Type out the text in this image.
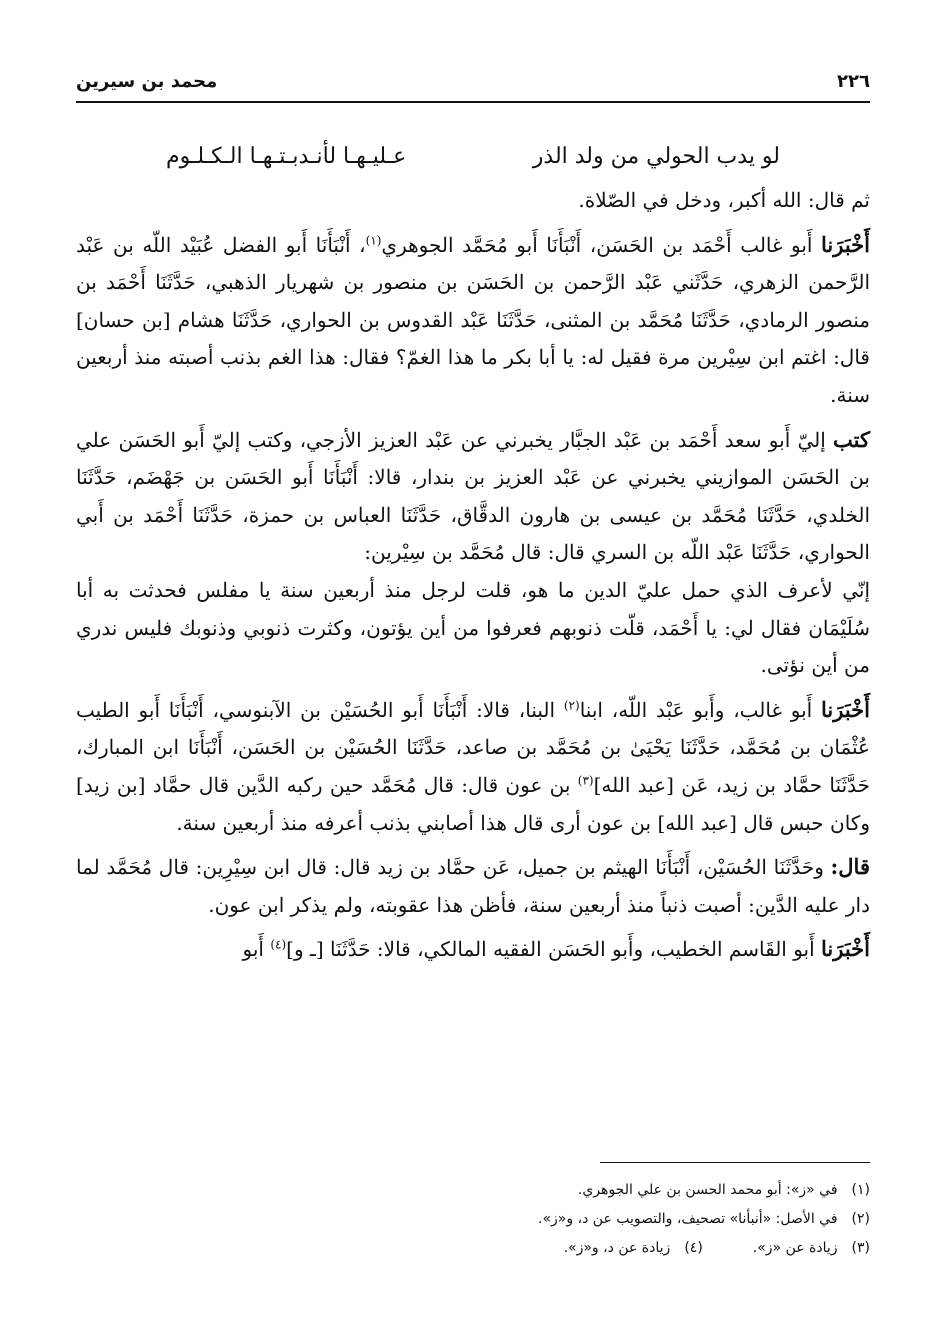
٢٢٦
محمد بن سيرين
لو يدب الحولي من ولد الذر
عـليـهـا لأنـدبـتـهـا الـكـلـوم

ثم قال: الله أكبر، ودخل في الصّلاة.

أَخْبَرَنا أَبو غالب أَحْمَد بن الحَسَن، أَنْبَأَنَا أَبو مُحَمَّد الجوهري$^{(١)}$، أَنْبَأَنَا أَبو الفضل عُبَيْد اللّه بن عَبْد الرَّحمن الزهري، حَدَّثَني عَبْد الرَّحمن بن الحَسَن بن منصور بن شهريار الذهبي، حَدَّثَنَا أَحْمَد بن منصور الرمادي، حَدَّثَنَا مُحَمَّد بن المثنى، حَدَّثَنَا عَبْد القدوس بن الحواري، حَدَّثَنَا هشام [بن حسان] قال: اغتم ابن سِيْرين مرة فقيل له: يا أبا بكر ما هذا الغمّ؟ فقال: هذا الغم بذنب أصبته منذ أربعين سنة.

كتب إليّ أَبو سعد أَحْمَد بن عَبْد الجبَّار يخبرني عن عَبْد العزيز الأزجي، وكتب إليّ أَبو الحَسَن علي بن الحَسَن الموازيني يخبرني عن عَبْد العزيز بن بندار، قالا: أَنْبَأَنَا أَبو الحَسَن بن جَهْضَم، حَدَّثَنَا الخلدي، حَدَّثَنَا مُحَمَّد بن عيسى بن هارون الدقَّاق، حَدَّثَنَا العباس بن حمزة، حَدَّثَنَا أَحْمَد بن أَبي الحواري، حَدَّثَنَا عَبْد اللّه بن السري قال: قال مُحَمَّد بن سِيْرين:

إنّي لأعرف الذي حمل عليّ الدين ما هو، قلت لرجل منذ أربعين سنة يا مفلس فحدثت به أبا سُلَيْمَان فقال لي: يا أَحْمَد، قلّت ذنوبهم فعرفوا من أين يؤتون، وكثرت ذنوبي وذنوبك فليس ندري من أين نؤتى.

أَخْبَرَنا أَبو غالب، وأَبو عَبْد اللّه، ابنا$^{(٢)}$ البنا، قالا: أَنْبَأَنَا أَبو الحُسَيْن بن الآبنوسي، أَنْبَأَنَا أَبو الطيب عُثْمَان بن مُحَمَّد، حَدَّثَنَا يَحْيَىٰ بن مُحَمَّد بن صاعد، حَدَّثَنَا الحُسَيْن بن الحَسَن، أَنْبَأَنَا ابن المبارك، حَدَّثَنَا حمَّاد بن زيد، عَن [عبد الله]$^{(٣)}$ بن عون قال: قال مُحَمَّد حين ركبه الدَّين قال حمَّاد [بن زيد] وكان حبس قال [عبد الله] بن عون أرى قال هذا أصابني بذنب أعرفه منذ أربعين سنة.

قال: وحَدَّثَنَا الحُسَيْن، أَنْبَأَنَا الهيثم بن جميل، عَن حمَّاد بن زيد قال: قال ابن سِيْرِين: قال مُحَمَّد لما دار عليه الدَّين: أصبت ذنباً منذ أربعين سنة، فأظن هذا عقوبته، ولم يذكر ابن عون.

أَخْبَرَنا أَبو القَاسم الخطيب، وأَبو الحَسَن الفقيه المالكي، قالا: حَدَّثَنَا [ـ و]$^{(٤)}$ أَبو

(١)في «ز»: أبو محمد الحسن بن علي الجوهري.
(٢)في الأصل: «أنبأنا» تصحيف، والتصويب عن د، و«ز».
(٣)زيادة عن «ز».(٤)زيادة عن د، و«ز».
